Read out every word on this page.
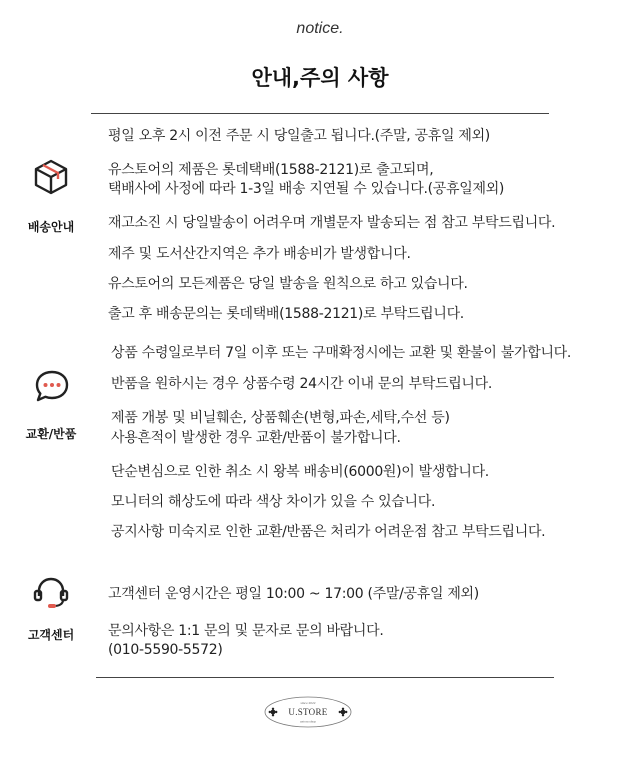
notice.
안내,주의 사항
배송안내
평일 오후 2시 이전 주문 시 당일출고 됩니다.(주말, 공휴일 제외)
유스토어의 제품은 롯데택배(1588-2121)로 출고되며,
택배사에 사정에 따라 1-3일 배송 지연될 수 있습니다.(공휴일제외)
재고소진 시 당일발송이 어려우며 개별문자 발송되는 점 참고 부탁드립니다.
제주 및 도서산간지역은 추가 배송비가 발생합니다.
유스토어의 모든제품은 당일 발송을 원칙으로 하고 있습니다.
출고 후 배송문의는 롯데택배(1588-2121)로 부탁드립니다.
교환/반품
상품 수령일로부터 7일 이후 또는 구매확정시에는 교환 및 환불이 불가합니다.
반품을 원하시는 경우 상품수령 24시간 이내 문의 부탁드립니다.
제품 개봉 및 비닐훼손, 상품훼손(변형,파손,세탁,수선 등)
사용흔적이 발생한 경우 교환/반품이 불가합니다.
단순변심으로 인한 취소 시 왕복 배송비(6000원)이 발생합니다.
모니터의 해상도에 따라 색상 차이가 있을 수 있습니다.
공지사항 미숙지로 인한 교환/반품은 처리가 어려운점 참고 부탁드립니다.
고객센터
고객센터 운영시간은 평일 10:00 ~ 17:00 (주말/공휴일 제외)
문의사항은 1:1 문의 및 문자로 문의 바랍니다.
(010-5590-5572)
since 2022
U.STORE
ustore.shop
